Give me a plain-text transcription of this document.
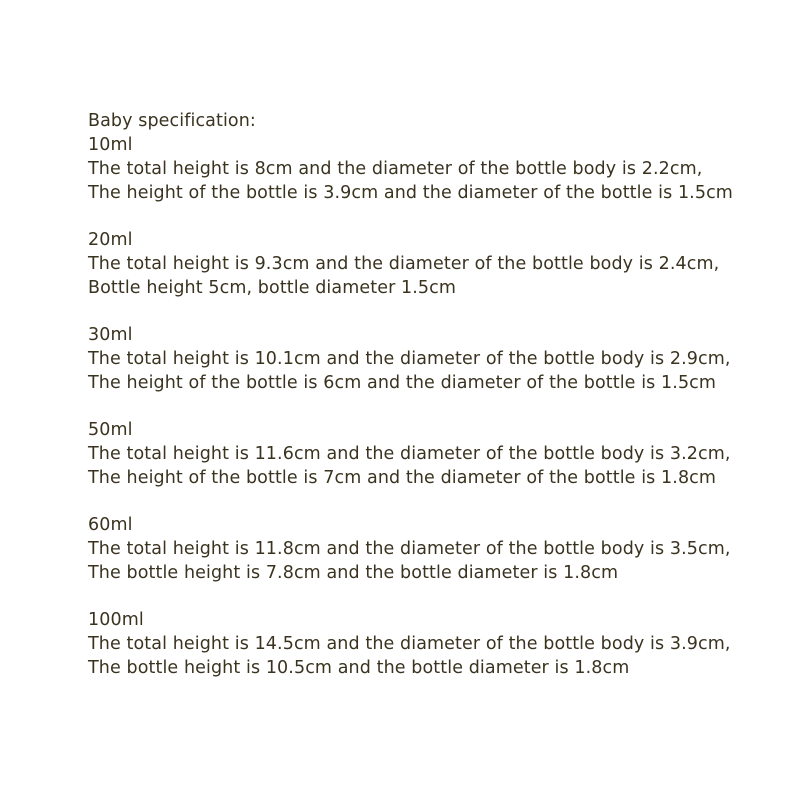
Baby specification:
10ml
The total height is 8cm and the diameter of the bottle body is 2.2cm,
The height of the bottle is 3.9cm and the diameter of the bottle is 1.5cm
20ml
The total height is 9.3cm and the diameter of the bottle body is 2.4cm,
Bottle height 5cm, bottle diameter 1.5cm
30ml
The total height is 10.1cm and the diameter of the bottle body is 2.9cm,
The height of the bottle is 6cm and the diameter of the bottle is 1.5cm
50ml
The total height is 11.6cm and the diameter of the bottle body is 3.2cm,
The height of the bottle is 7cm and the diameter of the bottle is 1.8cm
60ml
The total height is 11.8cm and the diameter of the bottle body is 3.5cm,
The bottle height is 7.8cm and the bottle diameter is 1.8cm
100ml
The total height is 14.5cm and the diameter of the bottle body is 3.9cm,
The bottle height is 10.5cm and the bottle diameter is 1.8cm
